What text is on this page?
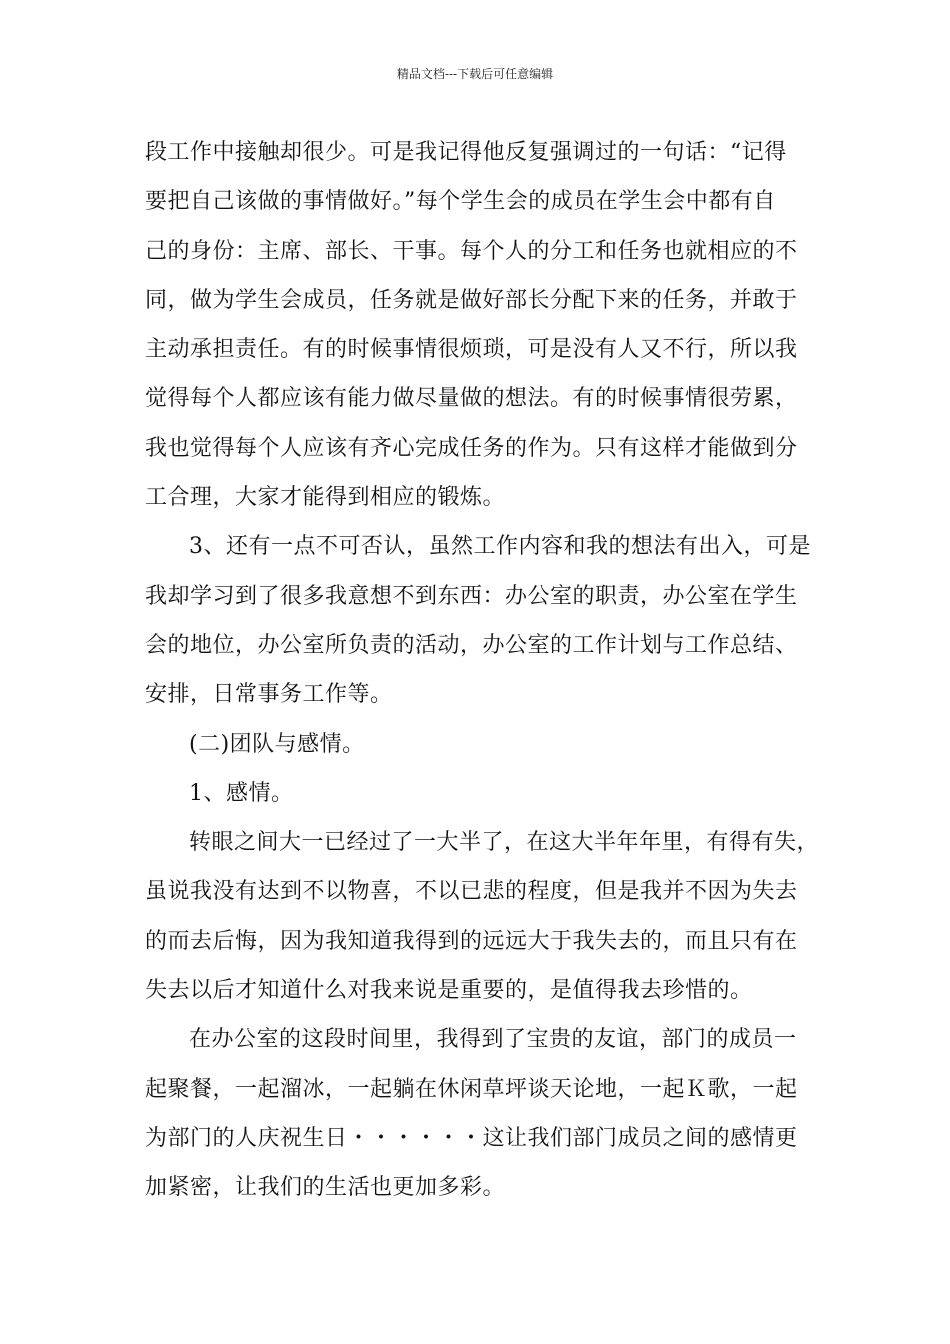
精品文档---下载后可任意编辑
段工作中接触却很少。可是我记得他反复强调过的一句话：“记得
要把自己该做的事情做好。”每个学生会的成员在学生会中都有自
己的身份：主席、部长、干事。每个人的分工和任务也就相应的不
同，做为学生会成员，任务就是做好部长分配下来的任务，并敢于
主动承担责任。有的时候事情很烦琐，可是没有人又不行，所以我
觉得每个人都应该有能力做尽量做的想法。有的时候事情很劳累，
我也觉得每个人应该有齐心完成任务的作为。只有这样才能做到分
工合理，大家才能得到相应的锻炼。
3、还有一点不可否认，虽然工作内容和我的想法有出入，可是
我却学习到了很多我意想不到东西：办公室的职责，办公室在学生
会的地位，办公室所负责的活动，办公室的工作计划与工作总结、
安排，日常事务工作等。
(二)团队与感情。
1、感情。
转眼之间大一已经过了一大半了，在这大半年年里，有得有失，
虽说我没有达到不以物喜，不以已悲的程度，但是我并不因为失去
的而去后悔，因为我知道我得到的远远大于我失去的，而且只有在
失去以后才知道什么对我来说是重要的，是值得我去珍惜的。
在办公室的这段时间里，我得到了宝贵的友谊，部门的成员一
起聚餐，一起溜冰，一起躺在休闲草坪谈天论地，一起Ｋ歌，一起
为部门的人庆祝生日・・・・・・这让我们部门成员之间的感情更
加紧密，让我们的生活也更加多彩。
